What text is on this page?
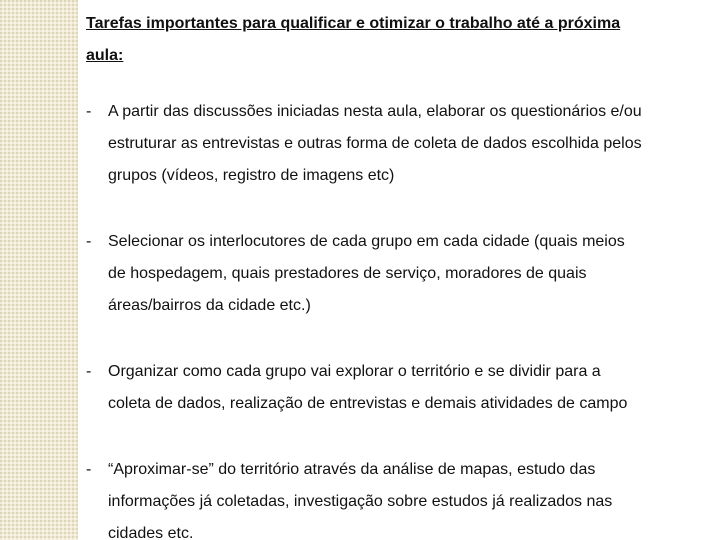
Tarefas importantes para qualificar e otimizar o trabalho até a próxima
aula:
- A partir das discussões iniciadas nesta aula, elaborar os questionários e/ou
estruturar as entrevistas e outras forma de coleta de dados escolhida pelos
grupos (vídeos, registro de imagens etc)
- Selecionar os interlocutores de cada grupo em cada cidade (quais meios
de hospedagem, quais prestadores de serviço, moradores de quais
áreas/bairros da cidade etc.)
- Organizar como cada grupo vai explorar o território e se dividir para a
coleta de dados, realização de entrevistas e demais atividades de campo
- “Aproximar-se” do território através da análise de mapas, estudo das
informações já coletadas, investigação sobre estudos já realizados nas
cidades etc.
